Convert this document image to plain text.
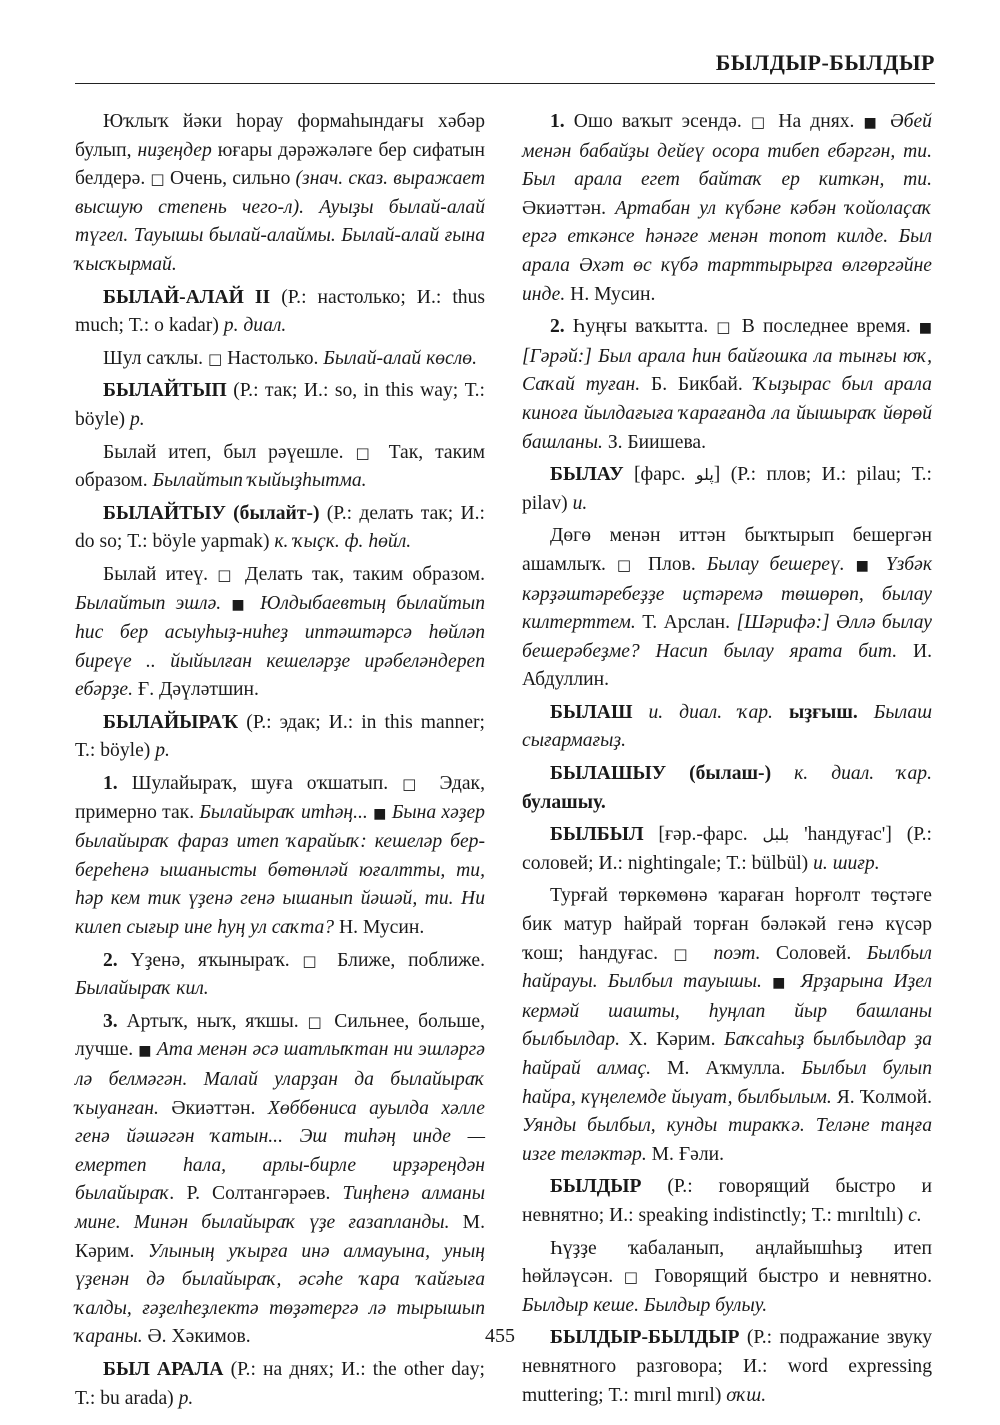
БЫЛДЫР-БЫЛДЫР

Юҡлыҡ йәки һорау формаһындағы хәбәр булып, ниҙеңдер юғары дәрәжәләге бер сифатын белдерә. □ Очень, сильно (знач. сказ. выражает высшую степень чего-л). Ауыҙы былай-алай түгел. Тауышы былай-алаймы. Былай-алай ғына ҡысҡырмай.

БЫЛАЙ-АЛАЙ II (Р.: настолько; И.: thus much; Т.: o kadar) р. диал.

Шул саҡлы. □ Настолько. Былай-алай көслө.

БЫЛАЙТЫП (Р.: так; И.: so, in this way; Т.: böyle) р.

Былай итеп, был рәүешле. □ Так, таким образом. Былайтып ҡыйыҙһытма.

БЫЛАЙТЫУ (былайт-) (Р.: делать так; И.: do so; Т.: böyle yapmak) к. ҡыҫк. ф. һөйл.

Былай итеү. □ Делать так, таким образом. Былайтып эшлә. ■ Юлдыбаевтың былайтып һис бер асыуһыҙ-ниһеҙ иптәштәрсә һөйләп биреүе .. йыйылған кешеләрҙе ирәбеләндереп ебәрҙе. Ғ. Дәүләтшин.

БЫЛАЙЫРАҠ (Р.: эдак; И.: in this manner; Т.: böyle) р.

1. Шулайыраҡ, шуға оҡшатып. □ Эдак, примерно так. Былайыраҡ итһәң... ■ Бына хәҙер былайыраҡ фараз итеп ҡарайыҡ: кешеләр бер-береһенә ышанысты бөтөнләй юғалтты, ти, һәр кем тик үҙенә генә ышанып йәшәй, ти. Ни килеп сығыр ине һуң ул саҡта? Н. Мусин.

2. Үҙенә, яҡыныраҡ. □ Ближе, поближе. Былайыраҡ кил.

3. Артыҡ, ныҡ, яҡшы. □ Сильнее, больше, лучше. ■ Ата менән әсә шатлыҡтан ни эшләргә лә белмәгән. Малай уларҙан да былайыраҡ ҡыуанған. Әкиәттән. Хөббөниса ауылда хәлле генә йәшәгән ҡатын... Эш тиһәң инде — емертеп һала, арлы-бирле ирҙәреңдән былайыраҡ. Р. Солтангәрәев. Тиңһенә алманы мине. Минән былайыраҡ үҙе ғазапланды. М. Кәрим. Улының уҡырға инә алмауына, уның үҙенән дә былайыраҡ, әсәһе ҡара ҡайғыға ҡалды, ғәҙелһеҙлектә төҙәтергә лә тырышып ҡараны. Ә. Хәкимов.

БЫЛ АРАЛА (Р.: на днях; И.: the other day; Т.: bu arada) р.

1. Ошо ваҡыт эсендә. □ На днях. ■ Әбей менән бабайҙы дейеү осора тибеп ебәргән, ти. Был арала егет байтаҡ ер киткән, ти. Әкиәттән. Артабан ул күбәне кәбән ҡойолаҫаҡ ергә еткәнсе һәнәге менән топот килде. Был арала Әхәт өс күбә тарттырырға өлгөргәйне инде. Н. Мусин.

2. Һуңғы ваҡытта. □ В последнее время. ■ [Гәрәй:] Был арала һин байғошка ла тынғы юҡ, Саҡай туған. Б. Бикбай. Ҡыҙырас был арала киноға йылдағыға ҡарағанда ла йышыраҡ йөрөй башланы. З. Биишева.

БЫЛАУ [фарс. پلو] (Р.: плов; И.: pilau; Т.: pilav) и.

Дөгө менән иттән быҡтырып бешергән ашамлыҡ. □ Плов. Былау бешереү. ■ Үзбәк кәрҙәштәребеҙҙе иҫтәремә төшөрөп, былау килтерттем. Т. Арслан. [Шәрифә:] Әллә былау бешерәбеҙме? Насип былау ярата бит. И. Абдуллин.

БЫЛАШ и. диал. ҡар. ыҙғыш. Былаш сығармағыҙ.

БЫЛАШЫУ (былаш-) к. диал. ҡар. булашыу.

БЫЛБЫЛ [ғәр.-фарс. بلبل 'һандуғас'] (Р.: соловей; И.: nightingale; Т.: bülbül) и. шиғр.

Турғай төркөмөнә ҡараған һорғолт төҫтәге бик матур һайрай торған бәләкәй генә күсәр ҡош; һандуғас. □ поэт. Соловей. Былбыл һайрауы. Былбыл тауышы. ■ Ярҙарына Иҙел кермәй шашты, һуңлап йыр башланы былбылдар. Х. Кәрим. Баҡсаһыҙ былбылдар ҙа һайрай алмаҫ. М. Аҡмулла. Былбыл булып һайра, күңелемде йыуат, былбылым. Я. Ҡолмой. Уянды былбыл, кунды тиракҡә. Теләне таңға изге теләктәр. М. Ғәли.

БЫЛДЫР (Р.: говорящий быстро и невнятно; И.: speaking indistinctly; Т.: mırıltılı) с.

Һүҙҙе ҡабаланып, аңлайышһыҙ итеп һөйләүсән. □ Говорящий быстро и невнятно. Былдыр кеше. Былдыр булыу.

БЫЛДЫР-БЫЛДЫР (Р.: подражание звуку невнятного разговора; И.: word expressing muttering; Т.: mırıl mırıl) оҡш.

455
